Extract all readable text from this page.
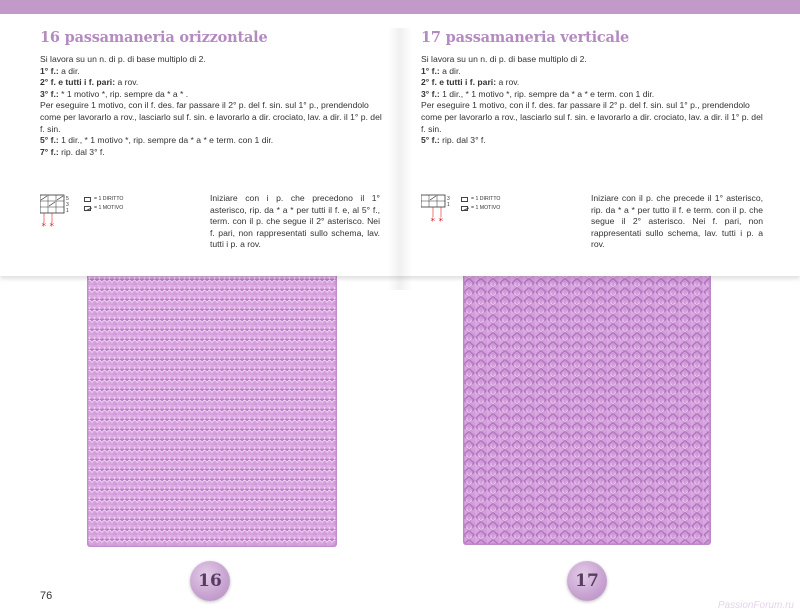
16 passamaneria orizzontale
Si lavora su un n. di p. di base multiplo di 2.
1° f.: a dir.
2° f. e tutti i f. pari: a rov.
3° f.: * 1 motivo *, rip. sempre da * a * .
Per eseguire 1 motivo, con il f. des. far passare il 2° p. del f. sin. sul 1° p., prendendolo come per lavorarlo a rov., lasciarlo sul f. sin. e lavorarlo a dir. crociato, lav. a dir. il 1° p. del f. sin.
5° f.: 1 dir., * 1 motivo *, rip. sempre da * a * e term. con 1 dir.
7° f.: rip. dal 3° f.
5
3
1
* *
= 1 DIRITTO
= 1 MOTIVO
Iniziare con i p. che precedono il 1° asterisco, rip. da * a * per tutti il f. e, al 5° f., term. con il p. che segue il 2° asterisco. Nei f. pari, non rappresentati sullo schema, lav. tutti i p. a rov.
17 passamaneria verticale
Si lavora su un n. di p. di base multiplo di 2.
1° f.: a dir.
2° f. e tutti i f. pari: a rov.
3° f.: 1 dir., * 1 motivo *, rip. sempre da * a * e term. con 1 dir.
Per eseguire 1 motivo, con il f. des. far passare il 2° p. del f. sin. sul 1° p., prendendolo come per lavorarlo a rov., lasciarlo sul f. sin. e lavorarlo a dir. crociato, lav. a dir. il 1° p. del f. sin.
5° f.: rip. dal 3° f.
3
1
* *
= 1 DIRITTO
= 1 MOTIVO
Iniziare con il p. che precede il 1° asterisco, rip. da * a * per tutto il f. e term. con il p. che segue il 2° asterisco. Nei f. pari, non rappresentati sullo schema, lav. tutti i p. a rov.
16	17
76
PassionForum.ru
